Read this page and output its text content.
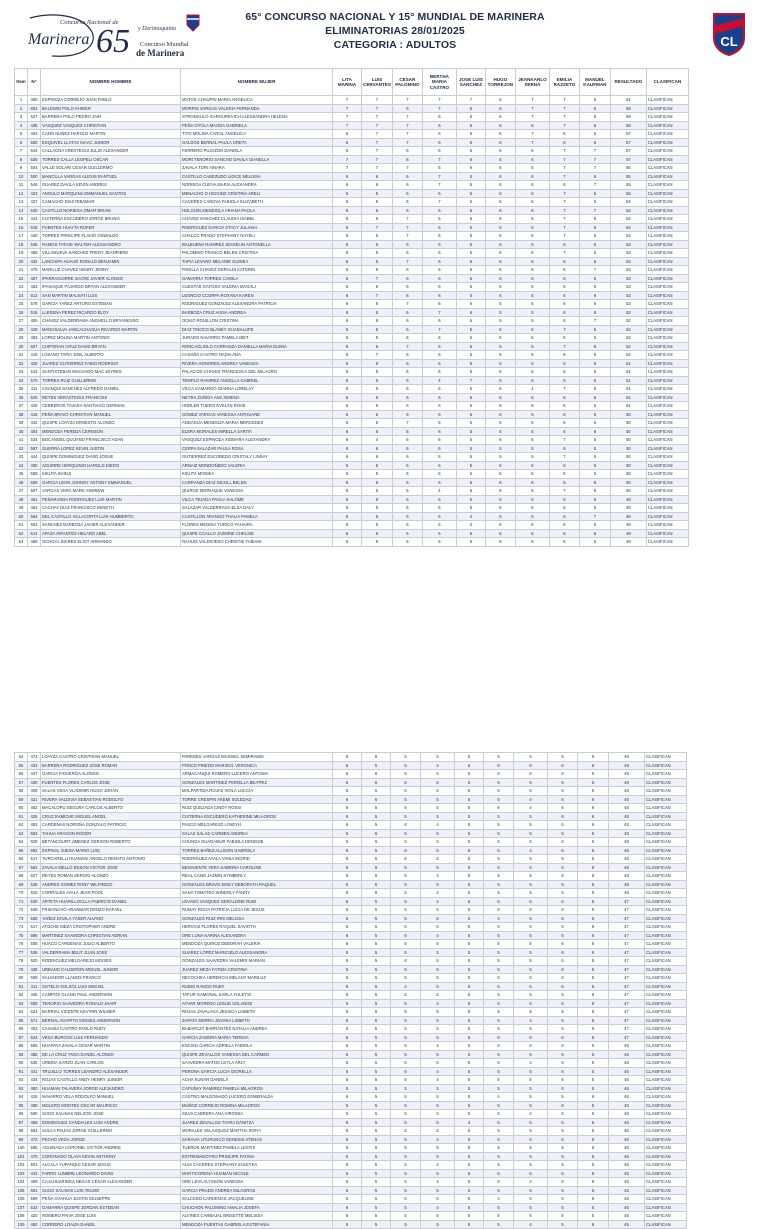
Concurso Nacional de
Marinera 65 y Decimoquinto
Concurso Mundial
de Marinera
65° CONCURSO NACIONAL Y 15° MUNDIAL DE MARINERA
ELIMINATORIAS 28/01/2025
CATEGORIA : ADULTOS	CL
Item	N°	NOMBRE HOMBRE	NOMBRE MUJER	LITA MARINA	LUIS CERVANTES	CESAR PALOMINO	BERTHA MARIA CASTRO	JOSE LUIS SANCHEZ	HUGO TORREJON	JEANKARLO SERNA	EMILIA RAZZETO	MANUEL KAUFMAN	RESULTADO	CLASIFICAN
1	450	ESPINOZA CORNEJO JUAN PABLO	MATOS CHAUPIN MARIA ANGELICA	7	7	7	7	7	6	7	7	6	61	CLASIFICAN
2	604	BALDWIN POLO KHIDER	MORRIS VARGAS VALERIA FERNANDA	7	7	6	7	6	6	7	7	6	59	CLASIFICAN
3	537	BARRERA POLO PEDRO JAIR	STRONGULO GARGUREVICH ALESSANDRA HELENA	7	7	7	6	6	6	7	7	6	59	CLASIFICAN
4	436	VASQUEZ VASQUEZ CHRISTIAN	PEÑA OYOLA MAGDA GABRIELA	7	7	7	6	6	6	6	7	6	58	CLASIFICAN
5	403	CANO NUÑEZ HAROLD MARTIN	TITO MOLINA CAROL ANGELICA	6	7	7	6	6	6	7	6	6	57	CLASIFICAN
6	550	ESQUIVEL LLATAS ISAAC JUNIOR	GALDOS BERNAL PAULA GRETA	6	7	7	6	6	6	7	6	6	57	CLASIFICAN
7	544	CALLACNA ARESTEGUI JULIO ALEXANDER	FERRERO PUJAZON DANIELA	6	7	6	6	6	6	6	7	7	57	CLASIFICAN
8	535	TORRES CALLA LEOPELI OSCAR	MORI TENORIO SANCHO DAVILA GIANELLA	7	7	6	7	6	5	6	7	7	57	CLASIFICAN
9	504	VALLE SOLARI CESAR GUILLERMO	ZAVALA TORI AINARA	7	7	7	5	6	5	5	7	7	56	CLASIFICAN
10	500	MANCILLA VARGAS ALEXIS RANTSEL	CASTILLO CABEZUDO LIDICE MELISSA	6	6	6	7	5	6	6	7	6	55	CLASIFICAN
11	546	DUAREZ DAVILA KEVIN ANDRES	NORIEGA CUEVA MARIA ALEXANDRA	6	6	6	7	5	6	6	6	7	55	CLASIFICAN
12	423	ANGULO MARQUINA EMMANUEL SANTOS	MENACHO O HIGGINS CRISTINA ARELI	6	5	6	6	6	6	6	7	5	55	CLASIFICAN
13	427	CAMACHO DIAZ RIBAMAR	CACERES CANOVA FABIOLA ELIZABETH	6	6	6	7	6	5	5	7	6	54	CLASIFICAN
14	540	CASTILLO NORIEGA OMAR BRIAM	HOLGUIN MENDIOLA ARIANA PAOLA	6	6	6	5	5	6	6	7	7	54	CLASIFICAN
15	424	CISTERNA ESCUDERO JORGE BRUNO	CHAVEZ SANCHEZ CLAUDIA ISABEL	6	6	7	5	6	6	5	7	6	54	CLASIFICAN
16	618	FUENTES HUAYTA RUFER	RODRIGUEZ GARCIA STACY JULIANA	6	7	7	5	5	5	6	7	6	54	CLASIFICAN
17	440	TORRES PRINCIPE FLAVIO OSWALDO	CHALCO PRADO STEPHANY NAYELI	6	6	7	6	6	5	5	7	6	54	CLASIFICAN
18	545	RAMOS TATAJE WALTER ALESSANDRO	BALBUENA RAMIREZ JESSELIN ANTONELLA	6	6	6	6	6	6	5	6	6	53	CLASIFICAN
19	458	VILLANUEVA SANCHEZ FREDY JEANPIERE	PALOMINO FRANCO BELEN CRISTINA	6	6	6	6	5	6	6	7	5	53	CLASIFICAN
20	432	LANCHIPA HUAUD RONALD BENJAMIN	TAPIA LEVANO MELANIE GUINEA	6	5	7	6	6	6	6	6	5	53	CLASIFICAN
21	479	MARILUZ CHAVEZ HENRY JENNY	PADILLA CHAVEZ GERALDI KATERIN	6	6	6	5	6	6	5	6	7	53	CLASIFICAN
22	487	IPARRAGUIRRE SACRE JAVIER ALONSO	GAMARRA TORRES CAMILA	5	7	6	6	5	6	6	6	6	53	CLASIFICAN
23	463	IPANAQUE FAJARDO BRYAN ALEXANDER	CUESTAS GAYOSO VALERIA MAGALI	6	6	6	6	6	6	5	6	6	53	CLASIFICAN
24	613	SAN MARTIN MALNATI LUIS	LEONCIO CCORPA ROXANA KAREN	6	7	6	6	5	6	5	6	6	53	CLASIFICAN
25	578	GARCIA YAÑEZ ARTURO ESTEBAN	RODRIGUEZ GONZALEZ ALEXANDRA PATRICIA	6	6	7	6	6	5	5	6	6	53	CLASIFICAN
26	516	LLERENA PEREZ RICARDO ELOY	BARBOZA CRUZ AISSA ANDREA	6	5	6	7	6	5	5	6	6	52	CLASIFICAN
27	405	CHAVEZ VALDERRAMA ANGHELLO BRYANESSO	OCKIO ROUILLON CRISTINA	6	6	6	6	5	5	5	6	7	52	CLASIFICAN
28	429	MANOSALVA JANCACHAGUA RICARDO MARTIN	DIAZ TINOCO BLANEY GUADALUPE	6	6	6	7	5	5	5	7	5	52	CLASIFICAN
29	483	LOPEZ MOLINA MARTIN ANTONIO	JURADO NAVARRO PAMELA IBET	6	5	6	6	6	6	5	6	6	52	CLASIFICAN
30	507	CHIPORAN CRUZ DAVID BRYAN	RONCAGLIOLO CARRANZA DANIELLA MARIA ELENA	6	6	7	5	5	5	5	7	6	52	CLASIFICAN
31	415	LOZANO TAPIA JOEL ALBERTO	CASAÑA CASTRO NADIA ANA	6	7	6	6	5	5	5	6	6	52	CLASIFICAN
32	426	JUAREZ GUTIERREZ FABIO RODRIGO	RIVERA HONORES ANDREA VANESSA	6	6	6	5	6	5	5	6	6	51	CLASIFICAN
33	513	SANTISTEBAN MACHADO MAC JEYRES	PALACIOS CHAVEZ FRANCESCA DEL MILAGRO	5	5	6	6	6	5	6	6	6	51	CLASIFICAN
34	570	TORRES RUIZ GUILLERMO	TEMPLO RAMIREZ ANGELLA GABRIEL	6	6	6	4	7	5	6	5	6	51	CLASIFICAN
35	411	CSANQUI SANCHEZ ALFREDO DANIEL	VILCA CAMARGO GIANNA LORELAY	6	6	6	5	5	6	4	7	6	51	CLASIFICAN
36	525	REYES VERASTEGUI FRANCOIS	NEYRA ZUÑIGA ANA XIMENA	6	6	6	6	5	5	5	6	6	51	CLASIFICAN
37	428	CEBREROS TAVARA SANTIAGO GERMAN	HORLER TUERO EVELYN ROSE	6	6	6	6	5	5	5	6	6	51	CLASIFICAN
38	416	PEÑA BRAVO CHRISTIAN MANUEL	GOMEZ VARGAS VANESSA ANTHUANE	6	6	5	6	5	6	5	6	5	50	CLASIFICAN
39	442	QUISPE LOAYZA ERNESTO ALONSO	ANDAGUA MENDOZA MARIA MERCEDES	6	5	7	5	5	5	5	6	6	50	CLASIFICAN
40	404	MENDOZA PEREDA CERNSON	ELERA MORALES MIRELLA SARITA	6	6	5	6	5	5	5	6	6	50	CLASIFICAN
41	534	BOCANGEL QUIJANO FRANCISCO ADAN	VASQUEZ ESPINOZA XIOMARA ALEXANDRA	6	4	6	6	5	6	5	7	5	50	CLASIFICAN
42	597	GUERRA LOPEZ KEVIN JUSTIN	CERPA SALAZAR PAULA ROSA	6	6	6	6	5	5	5	6	5	50	CLASIFICAN
43	444	QUISPE DOMINGUEZ DAVID JOSUE	GUTIERREZ ESCOBEDO CRISTALY LINSAY	6	6	6	5	5	5	5	7	5	50	CLASIFICAN
44	490	AGUIRRE HERQUINIO HAROLD DIEGO	ARNAIZ MONDOÑEDO VALERIA	6	6	6	5	5	5	5	6	6	50	CLASIFICAN
45	558	KIKUTA SHINJI	KIKUTA MONIKA	6	5	6	5	6	5	5	6	6	50	CLASIFICAN
46	509	GARCIA LEON JOHNNY ANTONY EMMANUEL	CARRANZA DIAZ NICOLL BELEN	6	5	5	6	5	6	6	5	6	50	CLASIFICAN
47	587	VARGAS VERA MARK ANDREW	QUIROZ SERNAQUE VANESSA	6	5	5	4	6	6	5	7	6	50	CLASIFICAN
48	461	PEÑARANDA RODRIGUEZ LUIS MARTIN	VILCA TEJADA PAOLA SALOME	6	6	5	5	5	5	5	6	6	49	CLASIFICAN
49	464	CACHAY DIAZ FRANCISCO KENETH	SALAZAR VALDERRAGA ELSA DALY	6	5	6	5	6	5	5	6	5	49	CLASIFICAN
50	564	DEL CASTILLO VILLACORTA LUIS HUMBERTO	CASTILLON ARANGO THALIA PAMELA	6	5	6	5	4	5	5	6	7	49	CLASIFICAN
51	554	SANCHEZ BARBOZA JAVIER ALEXANDER	FLORES MEDINA YURICO YAHAIRA	6	5	6	5	3	6	6	6	6	49	CLASIFICAN
52	614	APAZA INFANTES HELARD ABEL	QUISPE CCALLO JAZMINE CHELSIE	6	6	5	5	5	5	5	6	6	49	CLASIFICAN
53	468	OCHOA LINARES ELIOT ARMANDO	ÑAHUIS VALDIVIESO CHRISTIE FABIANI	5	6	5	5	6	5	5	6	6	49	CLASIFICAN
54	473	LOAYZA CASTRO CRISTHIAN MANUEL	PAREDES VARGAS MASSIEL SEMIRAMIS	6	6	5	5	5	5	6	5	6	49	CLASIFICAN
55	433	BARRERA RODRIGUEZ JOSE ROMAN	PONCE PINEDO MARISOL VERONICA	6	5	5	4	6	5	5	6	6	49	CLASIFICAN
56	447	GARCIA FIGUEROA ALONSO	ARMACANQUI ROMERO LUCERO ANTONIA	6	6	6	5	5	5	5	6	5	49	CLASIFICAN
57	430	FUENTES FLORES CARLOS JOSE	GONZALES MARTINEZ FIORELLA BEATRIZ	6	6	6	6	5	5	5	5	5	49	CLASIFICAN
58	406	SALAS VEGA VLADIMIR HUGO JOHAN	MALPARTIDA ROJAS VIOLA LUCCIA	5	5	5	6	6	5	5	6	5	48	CLASIFICAN
59	421	RIVERA VALDIVIA SEBASTIAN RODOLFO	TORRE CRESPIN AKEMI SOLEDAD	6	6	5	5	5	5	4	6	6	48	CLASIFICAN
60	462	MACALOPU SEGURA CARLOS ALBERTO	RUIZ QUEZADA CINDY ROSSI	5	5	6	5	5	6	4	6	6	48	CLASIFICAN
61	425	CRUZ RAMICHE MIGUEL ANGEL	CISTERNA ESCUDERO KATHERINE MILAGROS	6	5	5	5	5	5	5	6	6	48	CLASIFICAN
62	482	CARDENAS NOROÑA GONZALO PATRICIO	PASCO MELGAREJO LYNEYH	6	5	6	4	5	5	5	6	6	48	CLASIFICAN
63	593	TAHUA ARAGON ROGER	SALAS SALAS CARMEN ANDREA	6	6	5	5	5	5	5	5	6	48	CLASIFICAN
64	628	BETANCOURT JIMENEZ GERSON ROBERTO	CHUNGA GUADAMUR FABIOLA DENISSE	5	6	5	5	5	5	5	6	6	48	CLASIFICAN
65	592	ESPINAL OJEDA MARIO LUIS	TORRES BAÑEZ ALLISON GABRIELA	6	5	6	5	6	5	4	6	5	48	CLASIFICAN
66	617	TURCARELLI HUAMANI ANGELO RENATO ANTONIO	RODRIGUEZ AYALA VANIA INGRID	6	5	6	5	5	5	5	6	5	48	CLASIFICAN
67	552	ZAVALA MELLO EDSON VICTOR JOSE	BENAVENTE VERA SABRINA CAROLINE	6	6	5	5	5	5	5	5	6	48	CLASIFICAN
68	627	REYES ROMAN SERGIO ALONZO	REAL CANO JAZMIN KYMBERLY	6	5	6	4	5	5	5	6	6	48	CLASIFICAN
69	528	ANDRES GOMEZ RONY WILFREDO	GONZALES BRAVO EMILY DEBORATH RAQUEL	5	6	5	5	5	5	5	6	6	48	CLASIFICAN
70	610	CORRALES AYALA JEAN POOL	SANA TOMATEO WINDOLY FANNY	6	6	5	4	5	5	5	6	6	48	CLASIFICAN
71	530	ARTETA HUARILLOCLLA FABRICIO DANIEL	LEVANO VASQUEZ GERALDINE RUBI	6	5	5	4	6	5	5	6	5	47	CLASIFICAN
72	538	FRISANCHO ARANIBAR RENZO RAFAEL	RUMAY RIOJA PATRICIA LUCIA DE JESUS	6	5	5	5	5	5	5	6	5	47	CLASIFICAN
73	568	YAÑEZ DAVILA YASER ALVANO	GONZALES RUIZ IRIS MELISSA	5	5	5	6	5	4	5	6	6	47	CLASIFICAN
74	517	ATOCHE MEZA CRISTOPHER ANDRE	HERVIAS FLORES RAQUEL SAVIOTH	6	5	5	5	5	5	5	5	6	47	CLASIFICAN
75	598	MARTINEZ SAAVEDRA CHRISTIAN ADRIAN	ORE LUNA KARINA ALEXANDRA	6	5	6	4	5	5	5	5	6	47	CLASIFICAN
76	508	HUACO CARDENAS JULIO ALBERTO	MENDOZA QUIROZ DEBORAH VALERIA	6	5	5	5	5	5	5	6	5	47	CLASIFICAN
77	536	VALDERRAMA BELIT JUAN JOSE	SUAREZ LOPEZ MARICIELO ALESSANDRA	5	5	5	5	5	5	5	6	6	47	CLASIFICAN
78	620	RODRIGUEZ MELGAREJO MOISES	GONZALES SAAVEDRA VALEMIR MARIAN	5	5	6	5	5	5	5	6	5	47	CLASIFICAN
79	438	URBANO CALDERON MIGUEL JUNIOR	JUAREZ MEZA FATIMA CRISTINA	5	5	5	5	5	5	5	6	6	47	CLASIFICAN
80	609	SALVADOR LLANOS FRANCO	NECOCHEA HERENCIA MELANY MARILUZ	6	5	5	5	5	5	5	6	5	47	CLASIFICAN
81	411	SOTELO SOLSOL LUIS MIGUEL	RUBIO RAMOS RUBY	6	6	4	5	5	5	5	6	5	47	CLASIFICAN
82	445	CAMPOS OLANO PAUL ANDERSON	TAFUR GAMONAL KARLA YULEYSI	6	5	5	5	5	5	5	5	6	47	CLASIFICAN
83	608	TENORIO SAAVEDRA RONALD JHAIR	AYVAR MORENO LESLIE SOLANGE	5	5	6	4	5	5	5	6	6	47	CLASIFICAN
84	623	BARRIAL VICENTE KEVYNN WILMER	ROJAS ZAVALAGA JESSICA LISBETH	6	5	5	5	5	5	5	5	6	47	CLASIFICAN
85	571	BERNAL AGAPITO MOISES ANDERSON	ZAPATA SIERRA JOVANA LISBETH	6	6	5	5	5	5	4	5	6	47	CLASIFICAN
86	402	CASAÑA CASTRO PAOLO RUDY	BABARCZY BARRANTES NATALIA ANDREA	5	5	5	5	5	5	5	6	6	47	CLASIFICAN
87	524	VEGA BURGOS LUIS FERNANDO	GARCIA ZAMORA MARIA TERESA	6	5	5	5	5	5	5	6	5	47	CLASIFICAN
88	565	HUAPAYA ZAVALA CESAR MARTIN	ENCISO GARCIA ADRIELA FABIOLA	6	5	6	4	5	5	5	5	5	46	CLASIFICAN
89	488	DE LA CRUZ YNGA DANIEL ALONSO	QUISPE ZEVALLOS VANESSA DEL CARMEN	6	5	5	5	5	5	5	5	5	46	CLASIFICAN
90	535	URBINA SARZO JUAN CARLOS	SAAVEDRA MATOS LEYLA ARLY	5	6	5	5	5	5	4	6	5	46	CLASIFICAN
91	441	TRUJILLO TORRES LEANDRO ALEXANDER	PERONA GARCIA LUCIA GIORELLA	5	5	6	4	5	5	5	6	5	46	CLASIFICAN
92	434	ROJAS CASTILLO ANDY HENRY JUNIOR	ACHA KUNAR DANIELA	6	5	5	4	5	5	5	6	5	46	CLASIFICAN
93	480	HUAMAN TALAVERA JORGE ALEJANDRO	CAPUÑAY RAMIREZ PAMELA MILAGROS	5	5	5	5	5	5	5	6	5	46	CLASIFICAN
94	415	NAVARRO VELA RODOLFO MANUEL	CASTRO MALDONADO LUCERO ESMERALDA	6	5	5	5	5	4	5	5	6	46	CLASIFICAN
95	498	MOLERO MONTES OSCAR MAURICIO	MUÑOZ CORREJO ROMINA MILAGROS	5	5	5	5	5	5	5	6	5	46	CLASIFICAN
96	590	SUGO SALINAS NELSON JOSE	SILVA CABRERA ANA VIRGINIA	5	5	6	5	5	5	4	5	6	46	CLASIFICAN
97	458	DOMINGUEZ CANDIALES LUIS ANDRE	JUAREZ ZEVALLOS TAYRA DANITZA	6	5	5	5	4	5	5	5	6	46	CLASIFICAN
98	583	SULCA ROJAS JORGE GUILLERMO	MORALES VELASQUEZ MARTHA SOFIA	6	5	5	5	5	5	5	5	5	46	CLASIFICAN
99	472	PECHO VEGA JORGE	SARAVIA UTURUNCO GENESIS ATENAS	6	5	5	4	5	5	5	6	5	46	CLASIFICAN
100	595	AGUINAGA CORONEL VICTOR ANDREE	TUEROS MARTINEZ PAMELA LESTHI	5	5	5	5	5	5	5	5	6	46	CLASIFICAN
101	470	CORONADO OLAYA KEVIN ANTHONY	ESTREMADOYRO PRINCIPE FATIMA	5	5	5	5	5	5	5	6	5	46	CLASIFICAN
102	501	ALCALA YUPANQUI CESAR JESUS	ALVA CACERES STEPHANY ZULEYKA	6	5	5	4	5	5	5	5	5	45	CLASIFICAN
103	443	FARRO LUMBRE LEONARDO DAVID	MARTICORENA HUAMAN NICOLE	5	5	5	5	5	5	5	5	5	45	CLASIFICAN
104	409	CAJAHUARINGA NEGAS CESAR ALEXANDER	ORE LEVA ALYSSON VANESSA	6	5	5	4	5	5	4	5	6	45	CLASIFICAN
105	591	SUGO SALINAS LUIS TELMO	GARCIA PRADO ANDREA MILAGROS	5	5	5	5	5	5	5	5	5	45	CLASIFICAN
106	599	PEÑA CHAHUA JUSTIN GIUSEPPE	SALCEDO CARDENAS JACQUELINE	5	5	5	5	5	4	5	5	6	45	CLASIFICAN
107	533	GAMARRA QUISPE JORDAN ESTEBAN	CHUCHON PALOMINO AMALIA JOSEFA	6	5	5	4	5	5	5	5	5	45	CLASIFICAN
108	420	ROMERO PAIVA JOSE LUIS	ALVINES CARBAJAL BRISETTE MELISSA	5	5	5	5	5	5	5	5	5	45	CLASIFICAN
109	450	CORDERO LOAIZA DANIEL	MENDOZA PUERTAS GABRIELA ESTEFANIA	5	5	5	5	5	5	4	5	6	45	CLASIFICAN
